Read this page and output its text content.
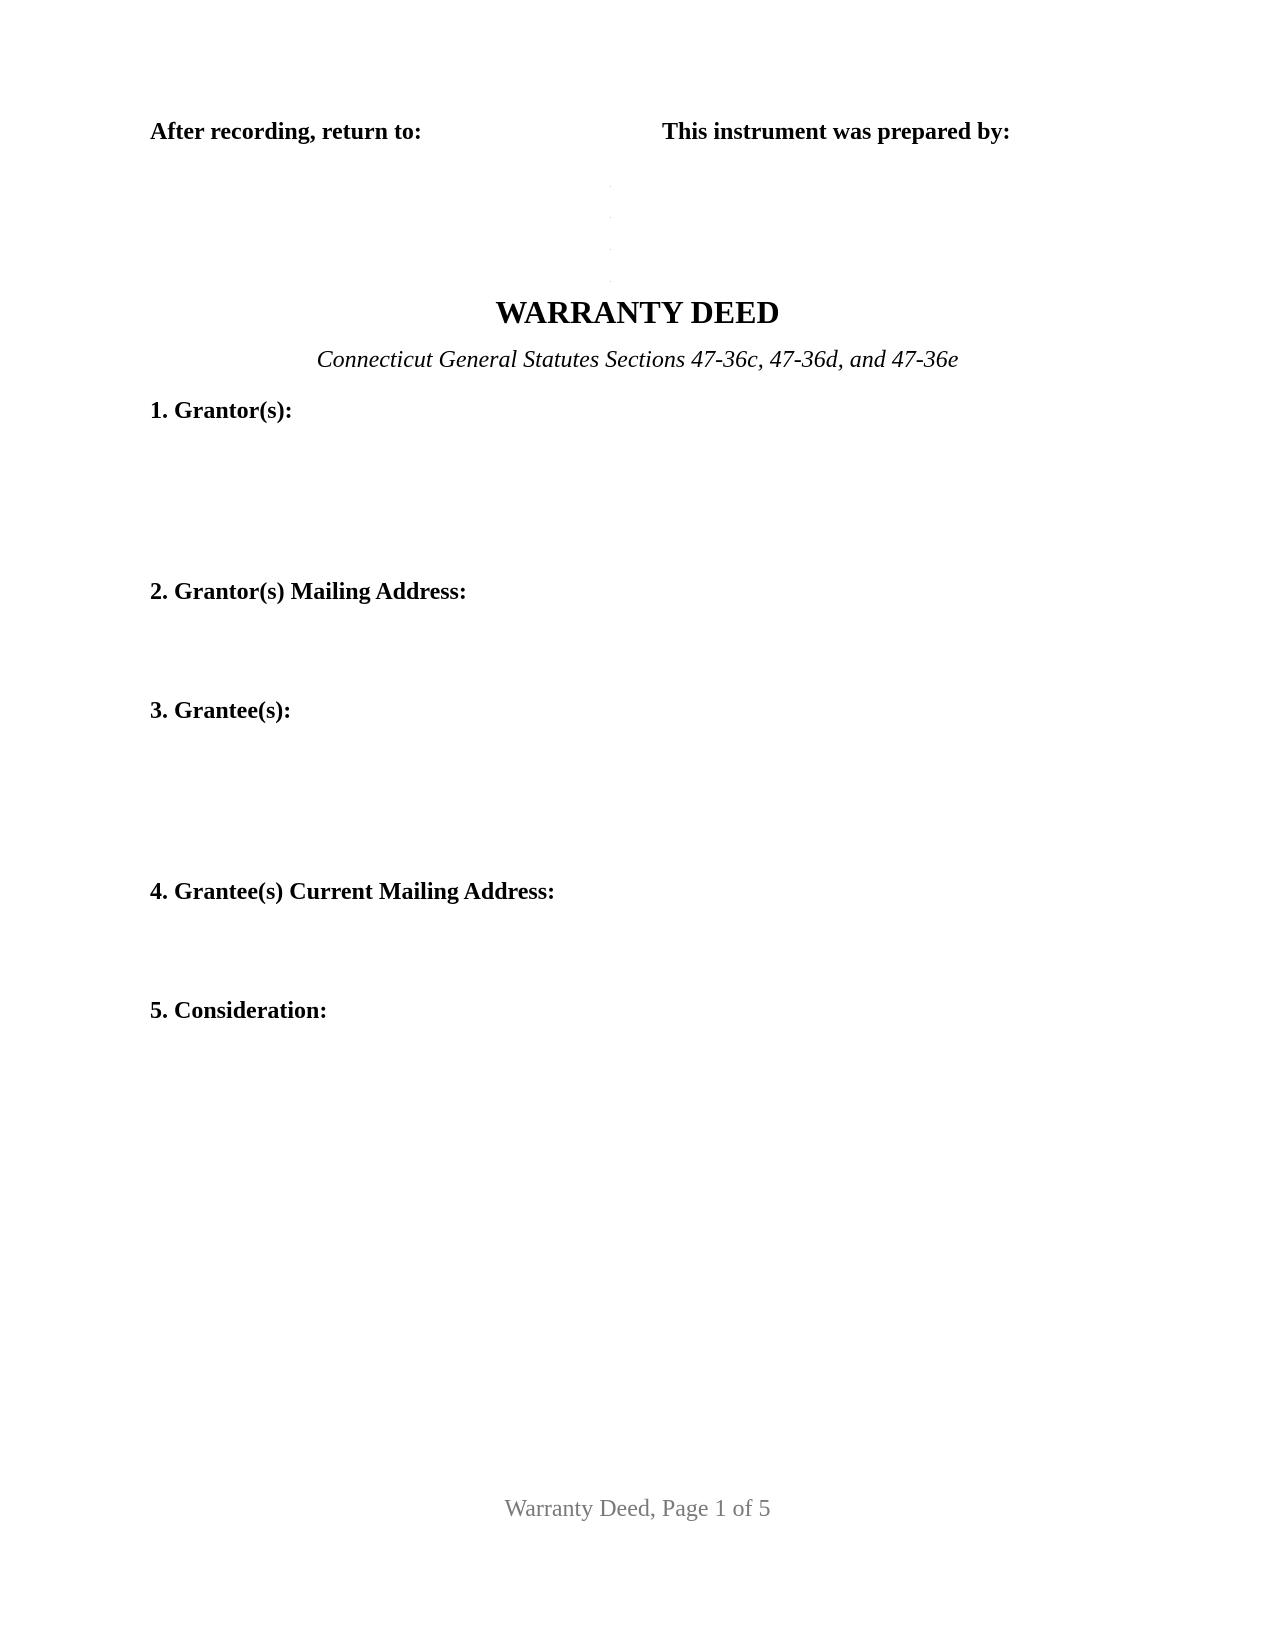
After recording, return to:	This instrument was prepared by:
WARRANTY DEED
Connecticut General Statutes Sections 47-36c, 47-36d, and 47-36e
1. Grantor(s):
2. Grantor(s) Mailing Address:
3. Grantee(s):
4. Grantee(s) Current Mailing Address:
5. Consideration:
Warranty Deed, Page 1 of 5
